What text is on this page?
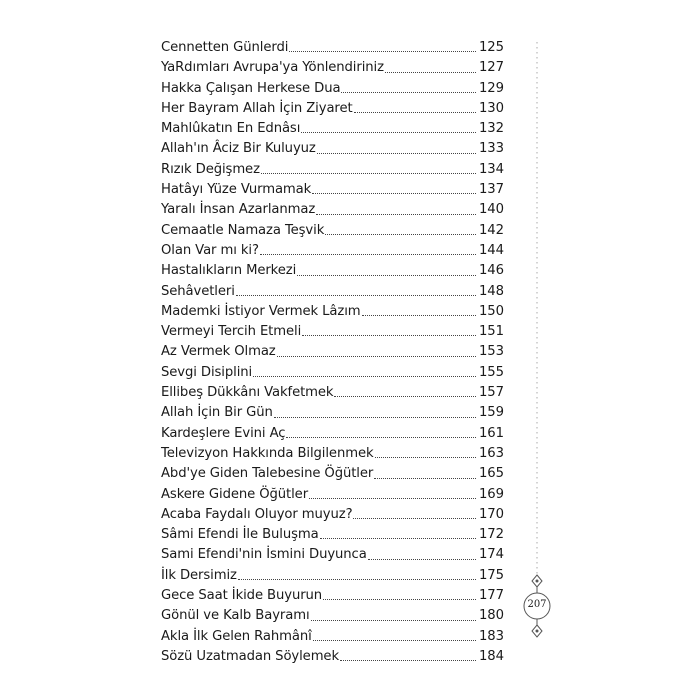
Cennetten Günlerdi	125
YaRdımları Avrupa'ya Yönlendiriniz	127
Hakka Çalışan Herkese Dua	129
Her Bayram Allah İçin Ziyaret	130
Mahlûkatın En Ednâsı	132
Allah'ın Âciz Bir Kuluyuz	133
Rızık Değişmez	134
Hatâyı Yüze Vurmamak	137
Yaralı İnsan Azarlanmaz	140
Cemaatle Namaza Teşvik	142
Olan Var mı ki?	144
Hastalıkların Merkezi	146
Sehâvetleri	148
Mademki İstiyor Vermek Lâzım	150
Vermeyi Tercih Etmeli	151
Az Vermek Olmaz	153
Sevgi Disiplini	155
Ellibeş Dükkânı Vakfetmek	157
Allah İçin Bir Gün	159
Kardeşlere Evini Aç	161
Televizyon Hakkında Bilgilenmek	163
Abd'ye Giden Talebesine Öğütler	165
Askere Gidene Öğütler	169
Acaba Faydalı Oluyor muyuz?	170
Sâmi Efendi İle Buluşma	172
Sami Efendi'nin İsmini Duyunca	174
İlk Dersimiz	175
Gece Saat İkide Buyurun	177
Gönül ve Kalb Bayramı	180
Akla İlk Gelen Rahmânî	183
Sözü Uzatmadan Söylemek	184
207
